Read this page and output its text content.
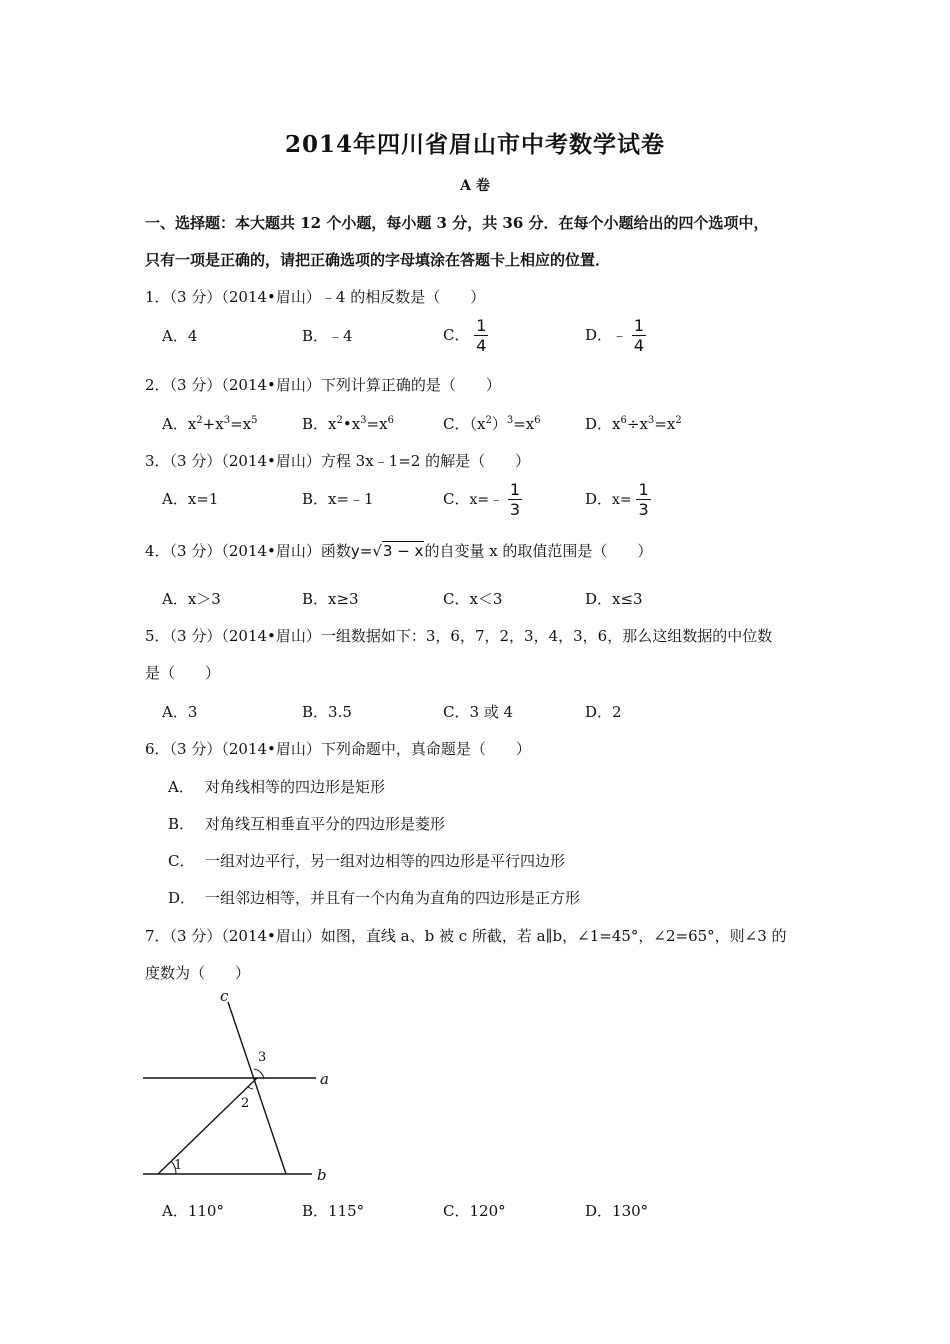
2014年四川省眉山市中考数学试卷
A 卷
一、选择题：本大题共 12 个小题，每小题 3 分，共 36 分．在每个小题给出的四个选项中，
只有一项是正确的，请把正确选项的字母填涂在答题卡上相应的位置．
1．（3 分）（2014•眉山）﹣4 的相反数是（　　）
A．4	B．﹣4	C． $\frac{1}{4}$	D．﹣ $\frac{1}{4}$
2．（3 分）（2014•眉山）下列计算正确的是（　　）
A．$x^2+x^3=x^5$	B．$x^2•x^3=x^6$	C．$(x^2)^3=x^6$	D．$x^6\div x^3=x^2$
3．（3 分）（2014•眉山）方程 3x﹣1=2 的解是（　　）
A．x=1	B．x=﹣1	C．x=﹣ $\frac{1}{3}$	D．$x= \frac{1}{3}$
4．（3 分）（2014•眉山）函数y=√3 − x的自变量 x 的取值范围是（　　）
A．x＞3	B．x≥3	C．x＜3	D．x≤3
5．（3 分）（2014•眉山）一组数据如下：3，6，7，2，3，4，3，6，那么这组数据的中位数
是（　　）
A．3	B．3.5	C．3 或 4	D．2
6．（3 分）（2014•眉山）下列命题中，真命题是（　　）
A． 对角线相等的四边形是矩形
B． 对角线互相垂直平分的四边形是菱形
C． 一组对边平行，另一组对边相等的四边形是平行四边形
D． 一组邻边相等，并且有一个内角为直角的四边形是正方形
7．（3 分）（2014•眉山）如图，直线 a、b 被 c 所截，若 a∥b，∠1=45°，∠2=65°，则∠3 的
度数为（　　）
c
a
b
1
2
3
A．110°	B．115°	C．120°	D．130°
